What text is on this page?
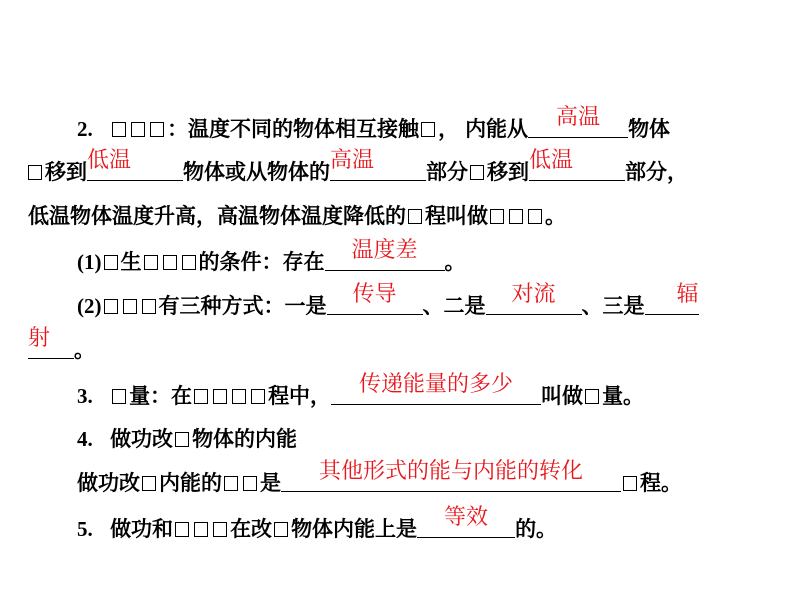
2.	：温度不同的物体相互接触 ， 内能从	高温	物体
移到 低温	物体或从物体的 高温	部分 移到 低温	部分，
低温物体温度升高，高温物体温度降低的 程叫做	。
(1) 生	的条件：存在	温度差	。
(2)	有三种方式：一是	传导	、二是	对流	、三是	辐
射	。
3. 量：在	程中，	传递能量的多少	叫做 量。
4. 做功改 物体的内能
做功改 内能的 是	其他形式的能与内能的转化	程。
5. 做功和	在改 物体内能上是	等效	的。
